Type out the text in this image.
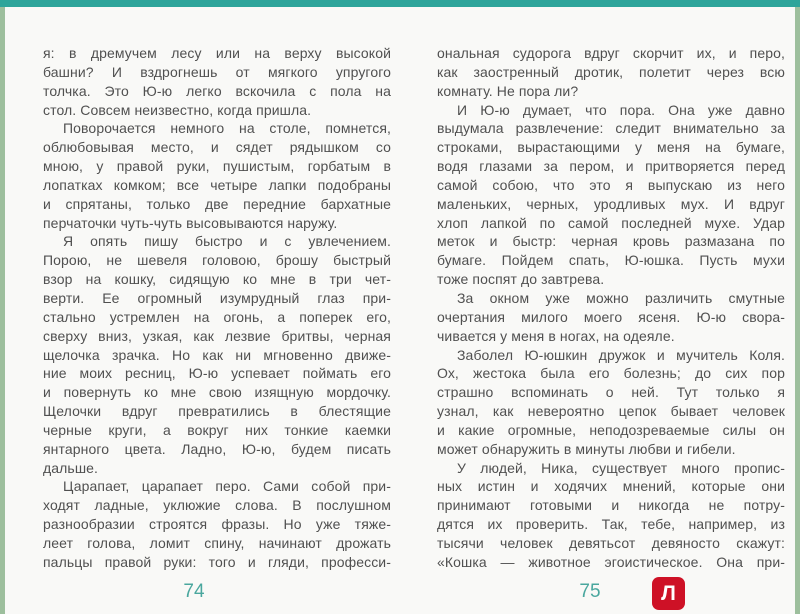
я: в дремучем лесу или на верху высокой
башни? И вздрогнешь от мягкого упругого
толчка. Это Ю-ю легко вскочила с пола на
стол. Совсем неизвестно, когда пришла.
Поворочается немного на столе, помнется,
облюбовывая место, и сядет рядышком со
мною, у правой руки, пушистым, горбатым в
лопатках комком; все четыре лапки подобраны
и спрятаны, только две передние бархатные
перчаточки чуть-чуть высовываются наружу.
Я опять пишу быстро и с увлечением.
Порою, не шевеля головою, брошу быстрый
взор на кошку, сидящую ко мне в три чет-
верти. Ее огромный изумрудный глаз при-
стально устремлен на огонь, а поперек его,
сверху вниз, узкая, как лезвие бритвы, черная
щелочка зрачка. Но как ни мгновенно движе-
ние моих ресниц, Ю-ю успевает поймать его
и повернуть ко мне свою изящную мордочку.
Щелочки вдруг превратились в блестящие
черные круги, а вокруг них тонкие каемки
янтарного цвета. Ладно, Ю-ю, будем писать
дальше.
Царапает, царапает перо. Сами собой при-
ходят ладные, уклюжие слова. В послушном
разнообразии строятся фразы. Но уже тяже-
леет голова, ломит спину, начинают дрожать
пальцы правой руки: того и гляди, професси-
ональная судорога вдруг скорчит их, и перо,
как заостренный дротик, полетит через всю
комнату. Не пора ли?
И Ю-ю думает, что пора. Она уже давно
выдумала развлечение: следит внимательно за
строками, вырастающими у меня на бумаге,
водя глазами за пером, и притворяется перед
самой собою, что это я выпускаю из него
маленьких, черных, уродливых мух. И вдруг
хлоп лапкой по самой последней мухе. Удар
меток и быстр: черная кровь размазана по
бумаге. Пойдем спать, Ю-юшка. Пусть мухи
тоже поспят до завтрева.
За окном уже можно различить смутные
очертания милого моего ясеня. Ю-ю свора-
чивается у меня в ногах, на одеяле.
Заболел Ю-юшкин дружок и мучитель Коля.
Ох, жестока была его болезнь; до сих пор
страшно вспоминать о ней. Тут только я
узнал, как невероятно цепок бывает человек
и какие огромные, неподозреваемые силы он
может обнаружить в минуты любви и гибели.
У людей, Ника, существует много пропис-
ных истин и ходячих мнений, которые они
принимают готовыми и никогда не потру-
дятся их проверить. Так, тебе, например, из
тысячи человек девятьсот девяносто скажут:
«Кошка — животное эгоистическое. Она при-
74	75	Л
